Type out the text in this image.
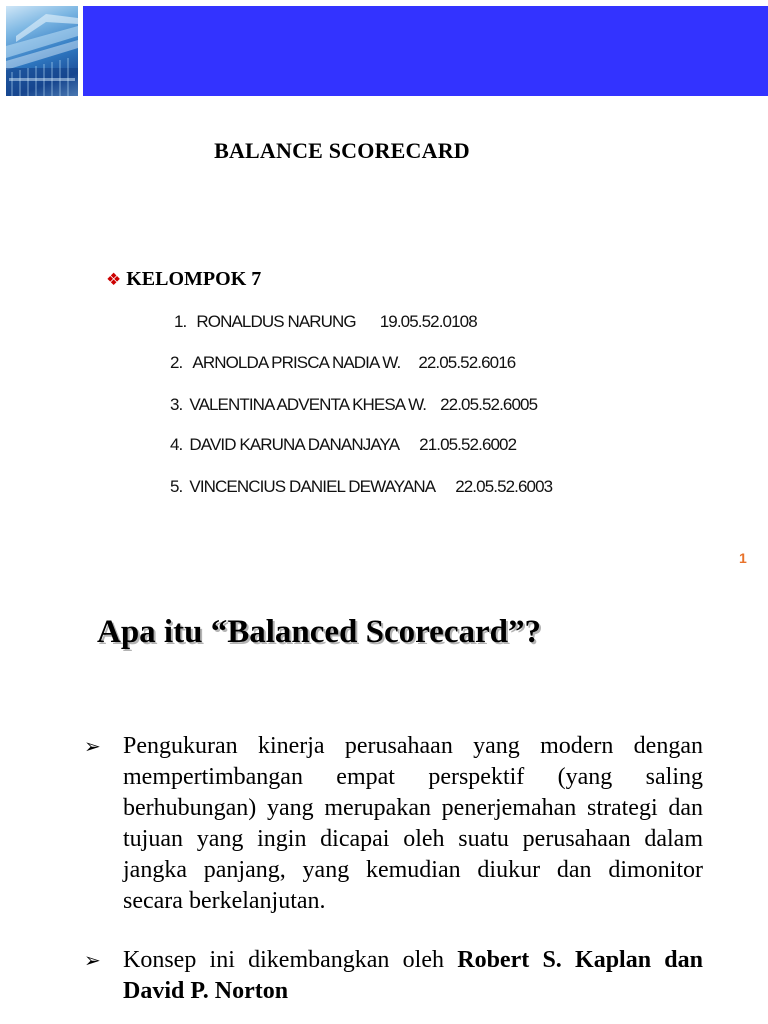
BALANCE SCORECARD
❖ KELOMPOK 7
1. RONALDUS NARUNG 19.05.52.0108
2. ARNOLDA PRISCA NADIA W. 22.05.52.6016
3. VALENTINA ADVENTA KHESA W. 22.05.52.6005
4. DAVID KARUNA DANANJAYA 21.05.52.6002
5. VINCENCIUS DANIEL DEWAYANA 22.05.52.6003
1
Apa itu “Balanced Scorecard”?
➢ Pengukuran kinerja perusahaan yang modern dengan mempertimbangan empat perspektif (yang saling berhubungan) yang merupakan penerjemahan strategi dan tujuan yang ingin dicapai oleh suatu perusahaan dalam jangka panjang, yang kemudian diukur dan dimonitor secara berkelanjutan.
➢ Konsep ini dikembangkan oleh Robert S. Kaplan dan David P. Norton
